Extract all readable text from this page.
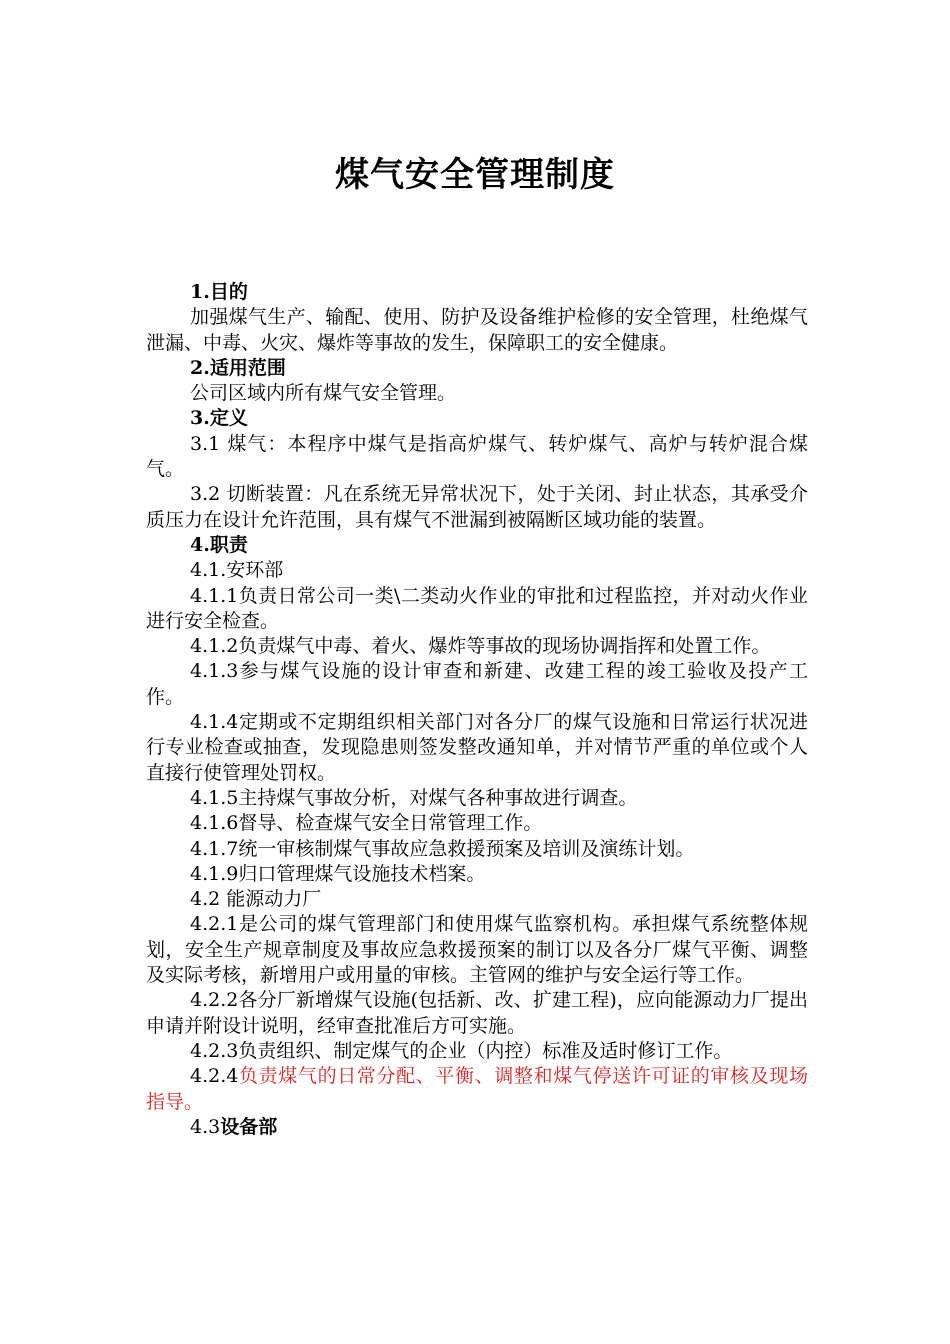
煤气安全管理制度

1.目的

加强煤气生产、输配、使用、防护及设备维护检修的安全管理，杜绝煤气泄漏、中毒、火灾、爆炸等事故的发生，保障职工的安全健康。

2.适用范围

公司区域内所有煤气安全管理。

3.定义

3.1 煤气：本程序中煤气是指高炉煤气、转炉煤气、高炉与转炉混合煤气。

3.2 切断装置：凡在系统无异常状况下，处于关闭、封止状态，其承受介质压力在设计允许范围，具有煤气不泄漏到被隔断区域功能的装置。

4.职责

4.1.安环部

4.1.1负责日常公司一类\二类动火作业的审批和过程监控，并对动火作业进行安全检查。

4.1.2负责煤气中毒、着火、爆炸等事故的现场协调指挥和处置工作。

4.1.3参与煤气设施的设计审查和新建、改建工程的竣工验收及投产工作。

4.1.4定期或不定期组织相关部门对各分厂的煤气设施和日常运行状况进行专业检查或抽查，发现隐患则签发整改通知单，并对情节严重的单位或个人直接行使管理处罚权。

4.1.5主持煤气事故分析，对煤气各种事故进行调查。

4.1.6督导、检查煤气安全日常管理工作。

4.1.7统一审核制煤气事故应急救援预案及培训及演练计划。

4.1.9归口管理煤气设施技术档案。

4.2 能源动力厂

4.2.1是公司的煤气管理部门和使用煤气监察机构。承担煤气系统整体规划，安全生产规章制度及事故应急救援预案的制订以及各分厂煤气平衡、调整及实际考核，新增用户或用量的审核。主管网的维护与安全运行等工作。

4.2.2各分厂新增煤气设施(包括新、改、扩建工程)，应向能源动力厂提出申请并附设计说明，经审查批准后方可实施。

4.2.3负责组织、制定煤气的企业（内控）标准及适时修订工作。

4.2.4负责煤气的日常分配、平衡、调整和煤气停送许可证的审核及现场指导。

4.3设备部
